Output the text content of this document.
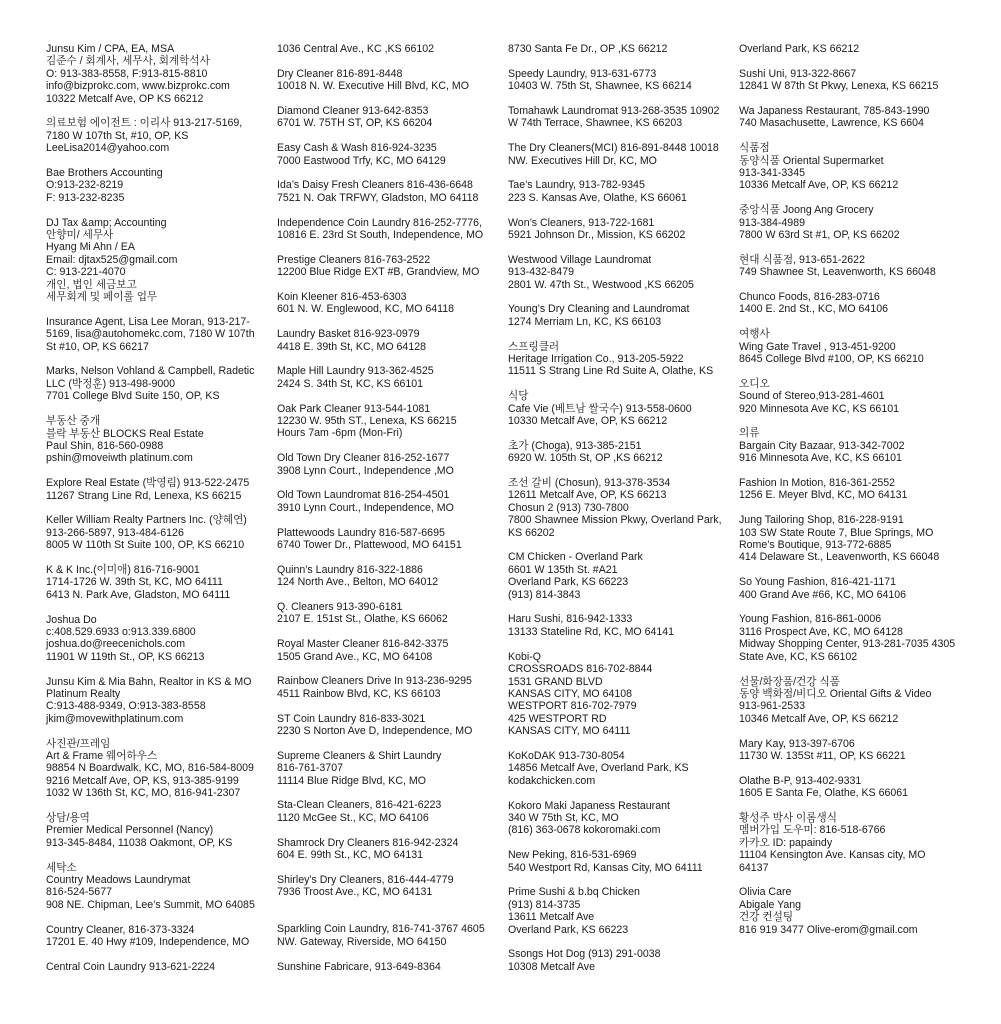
Junsu Kim / CPA, EA, MSA
김준수 / 회계사, 세무사, 회계학석사
O: 913-383-8558, F:913-815-8810
info@bizprokc.com, www.bizprokc.com
10322 Metcalf Ave, OP KS 66212
의료보험 에이전트 : 이리사 913-217-5169,
7180 W 107th St, #10, OP, KS
LeeLisa2014@yahoo.com
Bae Brothers Accounting
O:913-232-8219
F: 913-232-8235
DJ Tax &amp; Accounting
안향미/ 세무사
Hyang Mi Ahn / EA
Email: djtax525@gmail.com
C: 913-221-4070
개인, 법인 세금보고
세무회계 및 페이롤 업무
Insurance Agent, Lisa Lee Moran, 913-217-
5169, lisa@autohomekc.com, 7180 W 107th
St #10, OP, KS 66217
Marks, Nelson Vohland & Campbell, Radetic
LLC (박정훈) 913-498-9000
7701 College Blvd Suite 150, OP, KS
부동산 중개
블락 부동산 BLOCKS Real Estate
Paul Shin, 816-560-0988
pshin@moveiwth platinum.com
Explore Real Estate (박영림) 913-522-2475
11267 Strang Line Rd, Lenexa, KS 66215
Keller William Realty Partners Inc. (양혜연)
913-266-5897, 913-484-6126
8005 W 110th St Suite 100, OP, KS 66210
K & K Inc.(이미애) 816-716-9001
1714-1726 W. 39th St, KC, MO 64111
6413 N. Park Ave, Gladston, MO 64111
Joshua Do
c:408.529.6933 o:913.339.6800
joshua.do@reecenichols.com
11901 W 119th St., OP, KS 66213
Junsu Kim & Mia Bahn, Realtor in KS & MO
Platinum Realty
C:913-488-9349, O:913-383-8558
jkim@movewithplatinum.com
사진관/프레임
Art & Frame 웨어하우스
98854 N Boardwalk, KC, MO, 816-584-8009
9216 Metcalf Ave, OP, KS, 913-385-9199
1032 W 136th St, KC, MO, 816-941-2307
상담/용역
Premier Medical Personnel (Nancy)
913-345-8484, 11038 Oakmont, OP, KS
세탁소
Country Meadows Laundrymat
816-524-5677
908 NE. Chipman, Lee’s Summit, MO 64085
Country Cleaner, 816-373-3324
17201 E. 40 Hwy #109, Independence, MO
Central Coin Laundry 913-621-2224
1036 Central Ave., KC ,KS 66102
Dry Cleaner 816-891-8448
10018 N. W. Executive Hill Blvd, KC, MO
Diamond Cleaner 913-642-8353
6701 W. 75TH ST, OP, KS 66204
Easy Cash & Wash 816-924-3235
7000 Eastwood Trfy, KC, MO 64129
Ida’s Daisy Fresh Cleaners 816-436-6648
7521 N. Oak TRFWY, Gladston, MO 64118
Independence Coin Laundry 816-252-7776,
10816 E. 23rd St South, Independence, MO
Prestige Cleaners 816-763-2522
12200 Blue Ridge EXT #B, Grandview, MO
Koin Kleener 816-453-6303
601 N. W. Englewood, KC, MO 64118
Laundry Basket 816-923-0979
4418 E. 39th St, KC, MO 64128
Maple Hill Laundry 913-362-4525
2424 S. 34th St, KC, KS 66101
Oak Park Cleaner 913-544-1081
12230 W. 95th ST., Lenexa, KS 66215
Hours 7am -6pm (Mon-Fri)
Old Town Dry Cleaner 816-252-1677
3908 Lynn Court., Independence ,MO
Old Town Laundromat 816-254-4501
3910 Lynn Court., Independence, MO
Plattewoods Laundry 816-587-6695
6740 Tower Dr., Plattewood, MO 64151
Quinn’s Laundry 816-322-1886
124 North Ave., Belton, MO 64012
Q. Cleaners 913-390-6181
2107 E. 151st St., Olathe, KS 66062
Royal Master Cleaner 816-842-3375
1505 Grand Ave., KC, MO 64108
Rainbow Cleaners Drive In 913-236-9295
4511 Rainbow Blvd, KC, KS 66103
ST Coin Laundry 816-833-3021
2230 S Norton Ave D, Independence, MO
Supreme Cleaners & Shirt Laundry
816-761-3707
11114 Blue Ridge Blvd, KC, MO
Sta-Clean Cleaners, 816-421-6223
1120 McGee St., KC, MO 64106
Shamrock Dry Cleaners 816-942-2324
604 E. 99th St., KC, MO 64131
Shirley’s Dry Cleaners, 816-444-4779
7936 Troost Ave., KC, MO 64131

Sparkling Coin Laundry, 816-741-3767 4605
NW. Gateway, Riverside, MO 64150
Sunshine Fabricare, 913-649-8364
8730 Santa Fe Dr., OP ,KS 66212
Speedy Laundry, 913-631-6773
10403 W. 75th St, Shawnee, KS 66214
Tomahawk Laundromat 913-268-3535 10902
W 74th Terrace, Shawnee, KS 66203
The Dry Cleaners(MCI) 816-891-8448 10018
NW. Executives Hill Dr, KC, MO
Tae’s Laundry, 913-782-9345
223 S. Kansas Ave, Olathe, KS 66061
Won’s Cleaners, 913-722-1681
5921 Johnson Dr., Mission, KS 66202
Westwood Village Laundromat
913-432-8479
2801 W. 47th St., Westwood ,KS 66205
Young’s Dry Cleaning and Laundromat
1274 Merriam Ln, KC, KS 66103
스프링클러
Heritage Irrigation Co., 913-205-5922
11511 S Strang Line Rd Suite A, Olathe, KS
식당
Cafe Vie (베트남 쌀국수) 913-558-0600
10330 Metcalf Ave, OP, KS 66212
초가 (Choga), 913-385-2151
6920 W. 105th St, OP ,KS 66212
조선 갈비 (Chosun), 913-378-3534
12611 Metcalf Ave, OP, KS 66213
Chosun 2 (913) 730-7800
7800 Shawnee Mission Pkwy, Overland Park,
KS 66202
CM Chicken - Overland Park
6601 W 135th St. #A21
Overland Park, KS 66223
(913) 814-3843
Haru Sushi, 816-942-1333
13133 Stateline Rd, KC, MO 64141
Kobi-Q
CROSSROADS 816-702-8844
1531 GRAND BLVD
KANSAS CITY, MO 64108
WESTPORT 816-702-7979
425 WESTPORT RD
KANSAS CITY, MO 64111
KoKoDAK 913-730-8054
14856 Metcalf Ave, Overland Park, KS
kodakchicken.com
Kokoro Maki Japaness Restaurant
340 W 75th St, KC, MO
(816) 363-0678 kokoromaki.com
New Peking, 816-531-6969
540 Westport Rd, Kansas City, MO 64111
Prime Sushi & b.bq Chicken
(913) 814-3735
13611 Metcalf Ave
Overland Park, KS 66223
Ssongs Hot Dog (913) 291-0038
10308 Metcalf Ave
Overland Park, KS 66212
Sushi Uni, 913-322-8667
12841 W 87th St Pkwy, Lenexa, KS 66215
Wa Japaness Restaurant, 785-843-1990
740 Masachusette, Lawrence, KS 6604
식품점
동양식품 Oriental Supermarket
913-341-3345
10336 Metcalf Ave, OP, KS 66212
중앙식품 Joong Ang Grocery
913-384-4989
7800 W 63rd St #1, OP, KS 66202
현대 식품점, 913-651-2622
749 Shawnee St, Leavenworth, KS 66048
Chunco Foods, 816-283-0716
1400 E. 2nd St., KC, MO 64106
여행사
Wing Gate Travel , 913-451-9200
8645 College Blvd #100, OP, KS 66210
오디오
Sound of Stereo,913-281-4601
920 Minnesota Ave KC, KS 66101
의류
Bargain City Bazaar, 913-342-7002
916 Minnesota Ave, KC, KS 66101
Fashion In Motion, 816-361-2552
1256 E. Meyer Blvd, KC, MO 64131
Jung Tailoring Shop, 816-228-9191
103 SW State Route 7, Blue Springs, MO
Rome’s Boutique, 913-772-6885
414 Delaware St., Leavenworth, KS 66048
So Young Fashion, 816-421-1171
400 Grand Ave #66, KC, MO 64106
Young Fashion, 816-861-0006
3116 Prospect Ave, KC, MO 64128
Midway Shopping Center, 913-281-7035 4305
State Ave, KC, KS 66102
선물/화장품/건강 식품
동양 백화점/비디오 Oriental Gifts & Video
913-961-2533
10346 Metcalf Ave, OP, KS 66212
Mary Kay, 913-397-6706
11730 W. 135St #11, OP, KS 66221
Olathe B-P, 913-402-9331
1605 E Santa Fe, Olathe, KS 66061
황성주 박사 이롬생식
멤버가입 도우미: 816-518-6766
카카오 ID: papaindy
11104 Kensington Ave. Kansas city, MO
64137
Olivia Care
Abigale Yang
건강 컨설팅
816 919 3477 Olive-erom@gmail.com
